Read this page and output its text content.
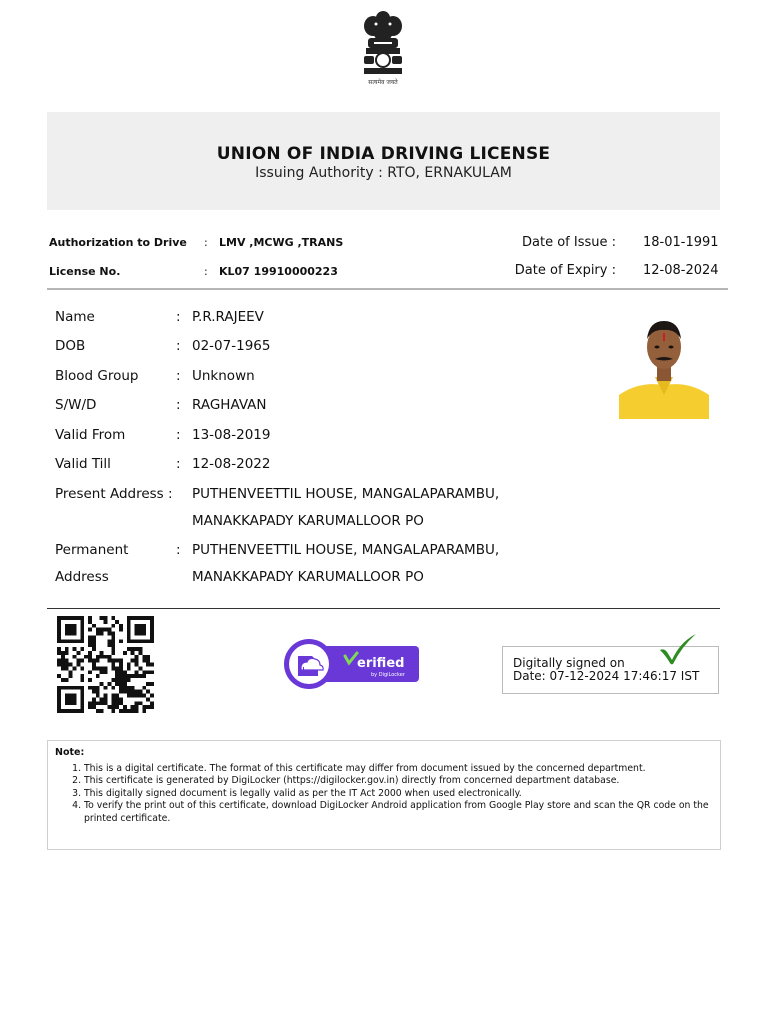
सत्यमेव जयते
UNION OF INDIA DRIVING LICENSE
Issuing Authority : RTO, ERNAKULAM
Authorization to Drive : LMV ,MCWG ,TRANS	Date of Issue : 18-01-1991
License No.	: KL07 19910000223	Date of Expiry : 12-08-2024
Name	: P.R.RAJEEV
DOB	: 02-07-1965
Blood Group	: Unknown
S/W/D	: RAGHAVAN
Valid From	: 13-08-2019
Valid Till	: 12-08-2022
Present Address : PUTHENVEETTIL HOUSE, MANGALAPARAMBU,
MANAKKAPADY KARUMALLOOR PO
Permanent
Address
: PUTHENVEETTIL HOUSE, MANGALAPARAMBU,
MANAKKAPADY KARUMALLOOR PO
erified
by DigiLocker
Digitally signed on
Date: 07-12-2024 17:46:17 IST
Note:
1. This is a digital certificate. The format of this certificate may differ from document issued by the concerned department.
2. This certificate is generated by DigiLocker (https://digilocker.gov.in) directly from concerned department database.
3. This digitally signed document is legally valid as per the IT Act 2000 when used electronically.
4. To verify the print out of this certificate, download DigiLocker Android application from Google Play store and scan the QR code on the printed certificate.
